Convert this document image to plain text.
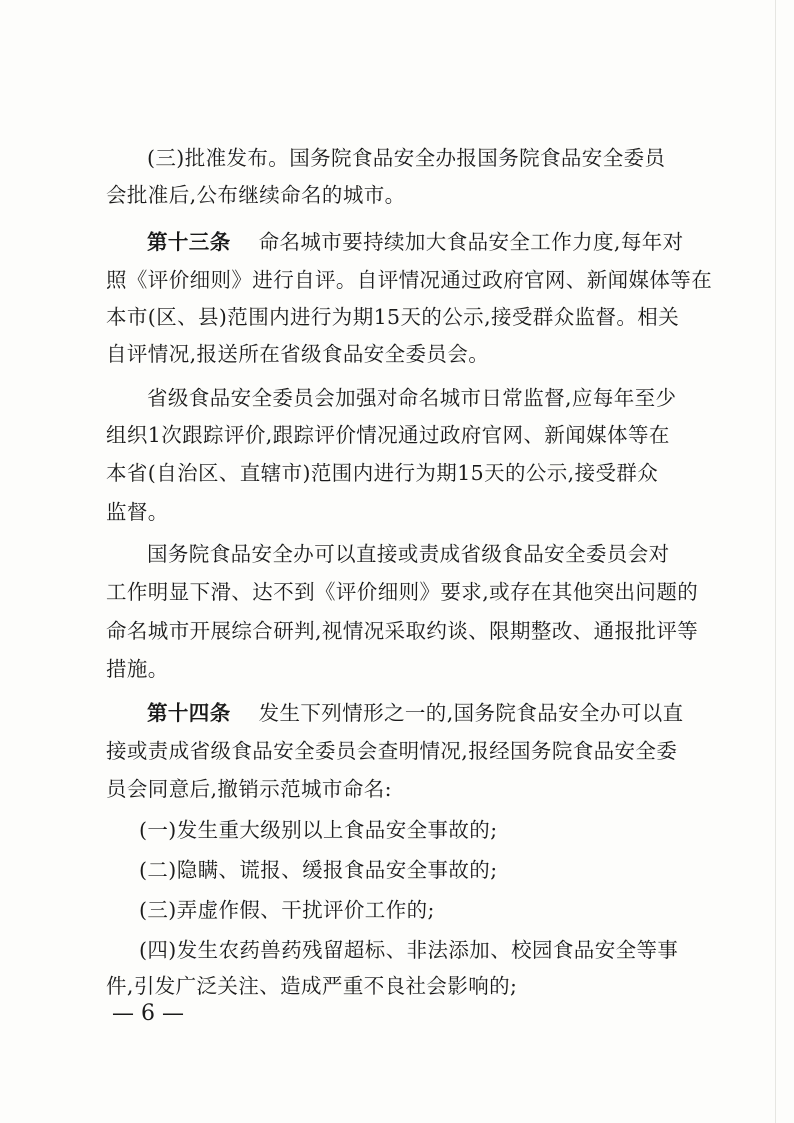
(三)批准发布。国务院食品安全办报国务院食品安全委员
会批准后,公布继续命名的城市。
第十三条 命名城市要持续加大食品安全工作力度,每年对
照《评价细则》进行自评。自评情况通过政府官网、新闻媒体等在
本市(区、县)范围内进行为期15天的公示,接受群众监督。相关
自评情况,报送所在省级食品安全委员会。
省级食品安全委员会加强对命名城市日常监督,应每年至少
组织1次跟踪评价,跟踪评价情况通过政府官网、新闻媒体等在
本省(自治区、直辖市)范围内进行为期15天的公示,接受群众
监督。
国务院食品安全办可以直接或责成省级食品安全委员会对
工作明显下滑、达不到《评价细则》要求,或存在其他突出问题的
命名城市开展综合研判,视情况采取约谈、限期整改、通报批评等
措施。
第十四条 发生下列情形之一的,国务院食品安全办可以直
接或责成省级食品安全委员会查明情况,报经国务院食品安全委
员会同意后,撤销示范城市命名:
(一)发生重大级别以上食品安全事故的;
(二)隐瞒、谎报、缓报食品安全事故的;
(三)弄虚作假、干扰评价工作的;
(四)发生农药兽药残留超标、非法添加、校园食品安全等事
件,引发广泛关注、造成严重不良社会影响的;
— 6 —
